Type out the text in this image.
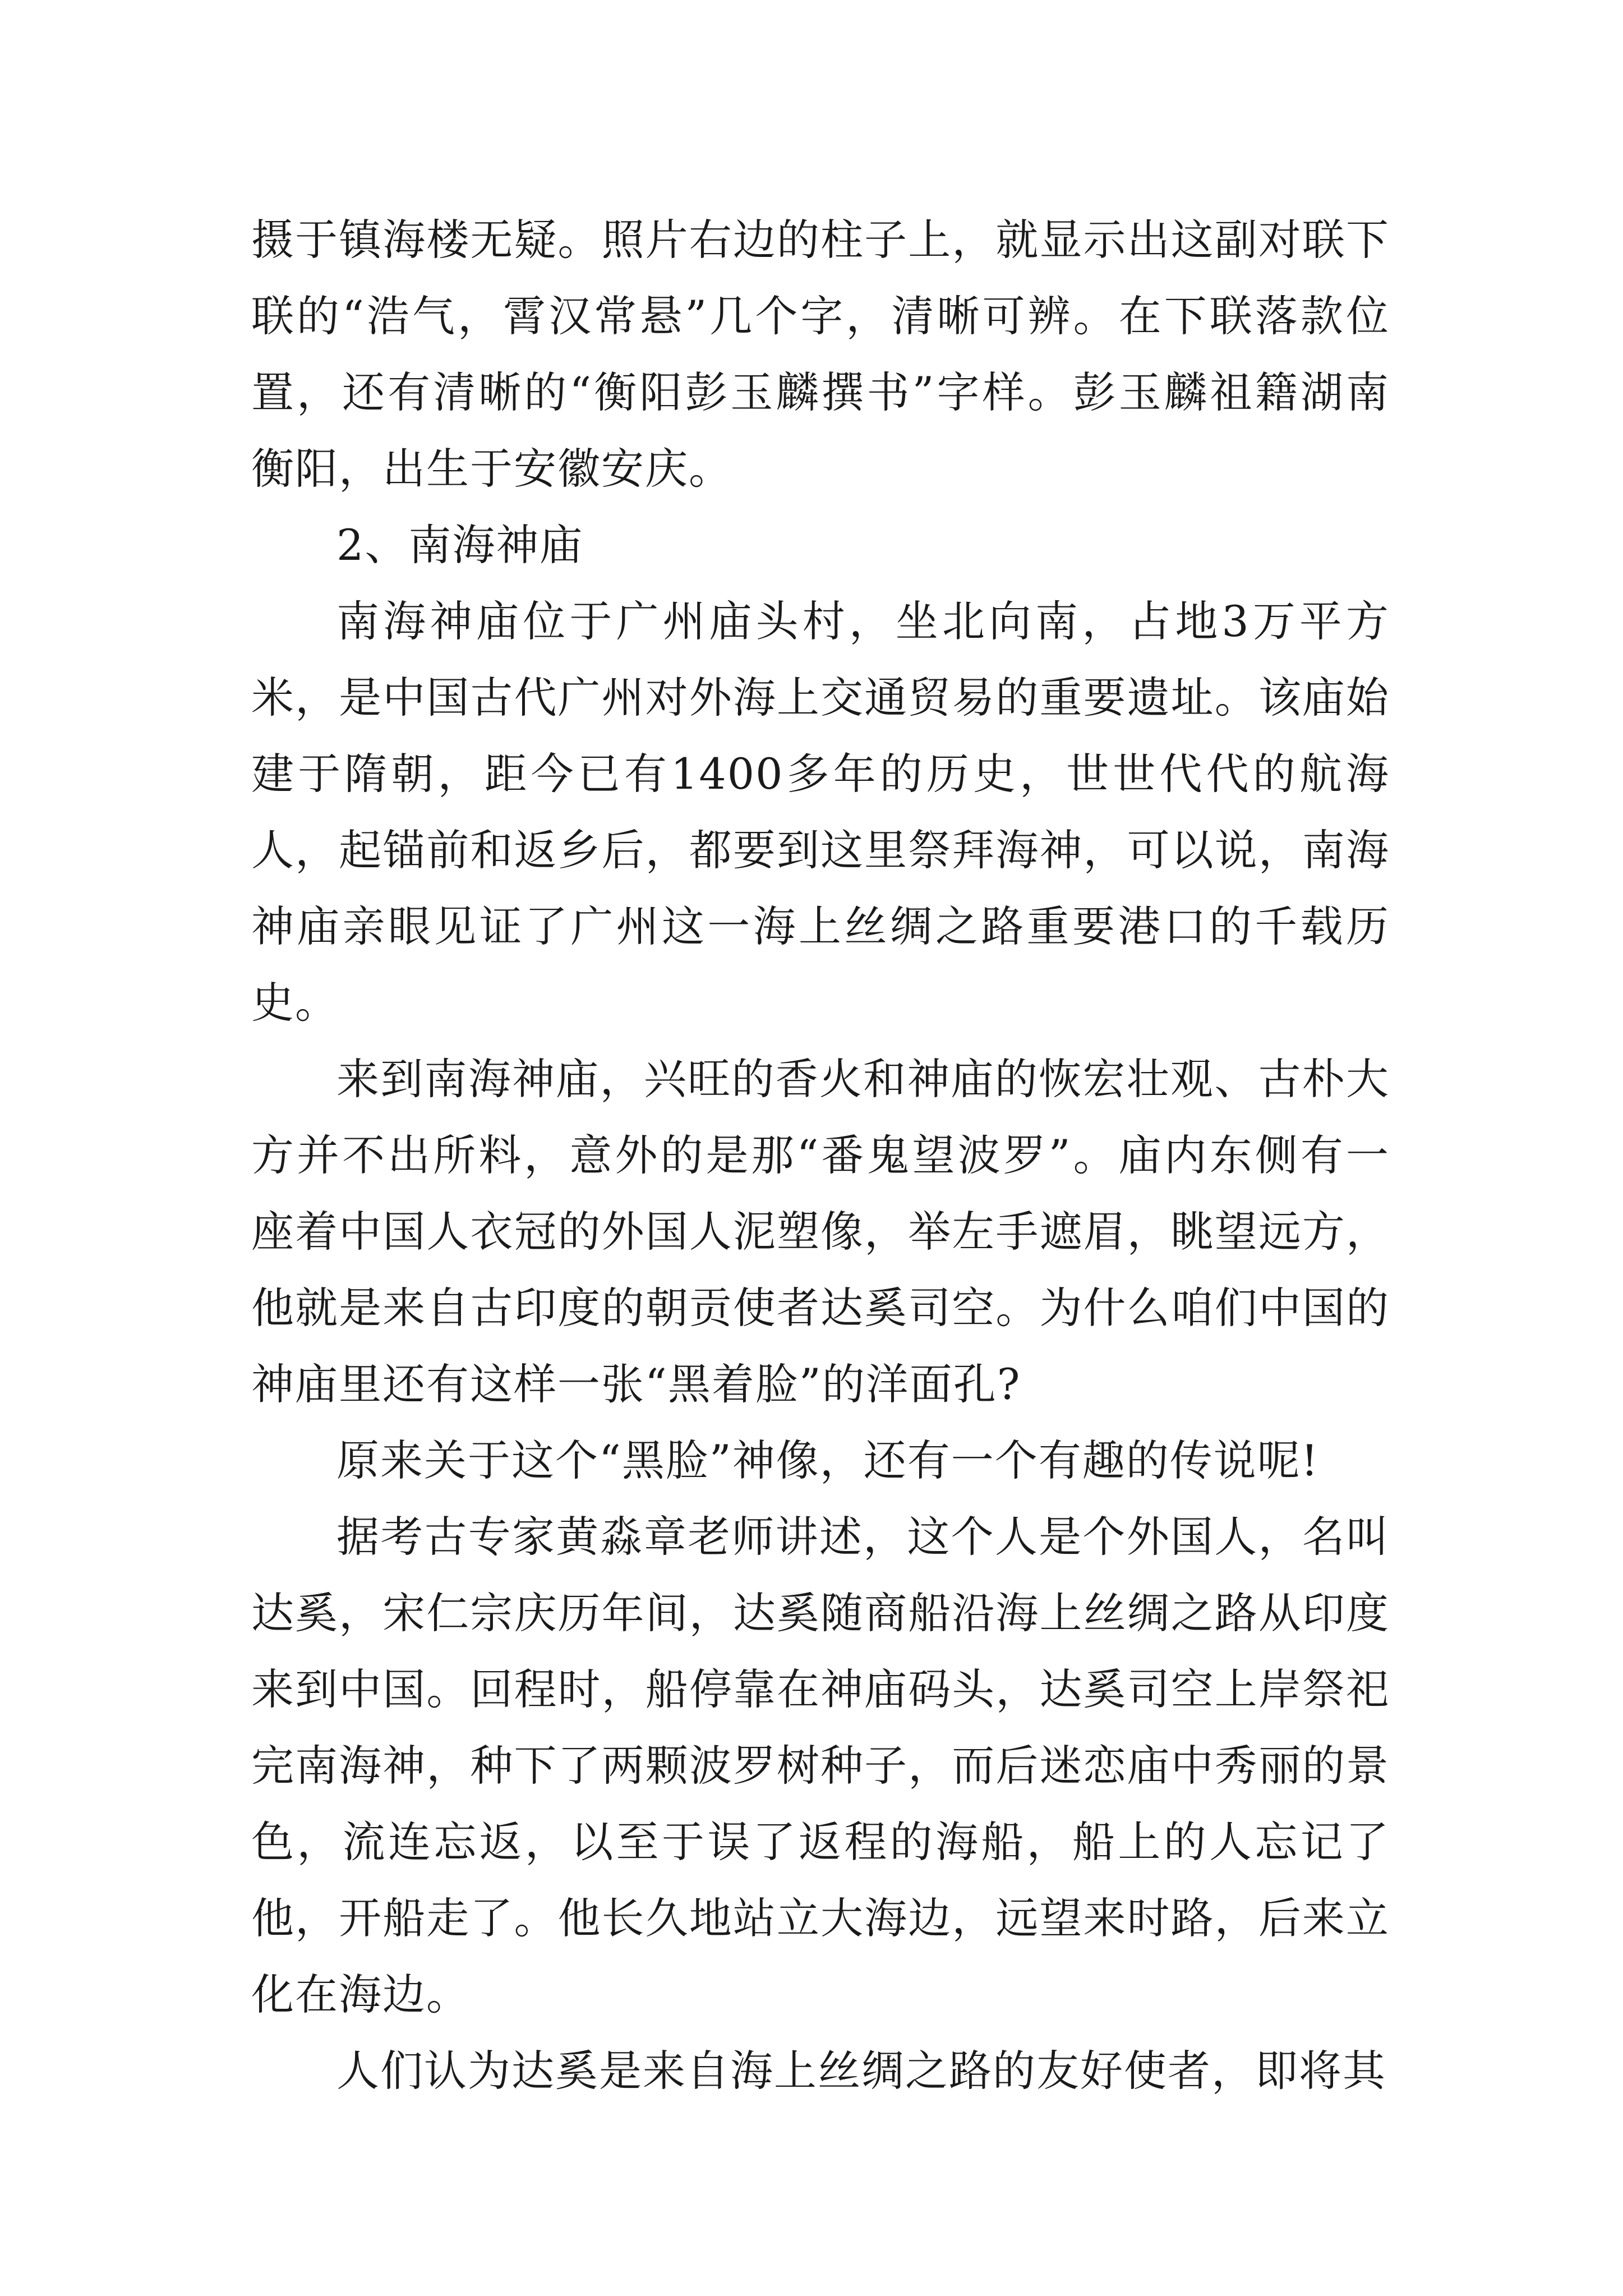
摄于镇海楼无疑。照片右边的柱子上，就显示出这副对联下联的“浩气，霄汉常悬”几个字，清晰可辨。在下联落款位置，还有清晰的“衡阳彭玉麟撰书”字样。彭玉麟祖籍湖南衡阳，出生于安徽安庆。

2、南海神庙

南海神庙位于广州庙头村，坐北向南，占地3万平方米，是中国古代广州对外海上交通贸易的重要遗址。该庙始建于隋朝，距今已有1400多年的历史，世世代代的航海人，起锚前和返乡后，都要到这里祭拜海神，可以说，南海神庙亲眼见证了广州这一海上丝绸之路重要港口的千载历史。

来到南海神庙，兴旺的香火和神庙的恢宏壮观、古朴大方并不出所料，意外的是那“番鬼望波罗”。庙内东侧有一座着中国人衣冠的外国人泥塑像，举左手遮眉，眺望远方，他就是来自古印度的朝贡使者达奚司空。为什么咱们中国的神庙里还有这样一张“黑着脸”的洋面孔?

原来关于这个“黑脸”神像，还有一个有趣的传说呢!

据考古专家黄淼章老师讲述，这个人是个外国人，名叫达奚，宋仁宗庆历年间，达奚随商船沿海上丝绸之路从印度来到中国。回程时，船停靠在神庙码头，达奚司空上岸祭祀完南海神，种下了两颗波罗树种子，而后迷恋庙中秀丽的景色，流连忘返，以至于误了返程的海船，船上的人忘记了他，开船走了。他长久地站立大海边，远望来时路，后来立化在海边。

人们认为达奚是来自海上丝绸之路的友好使者，即将其
